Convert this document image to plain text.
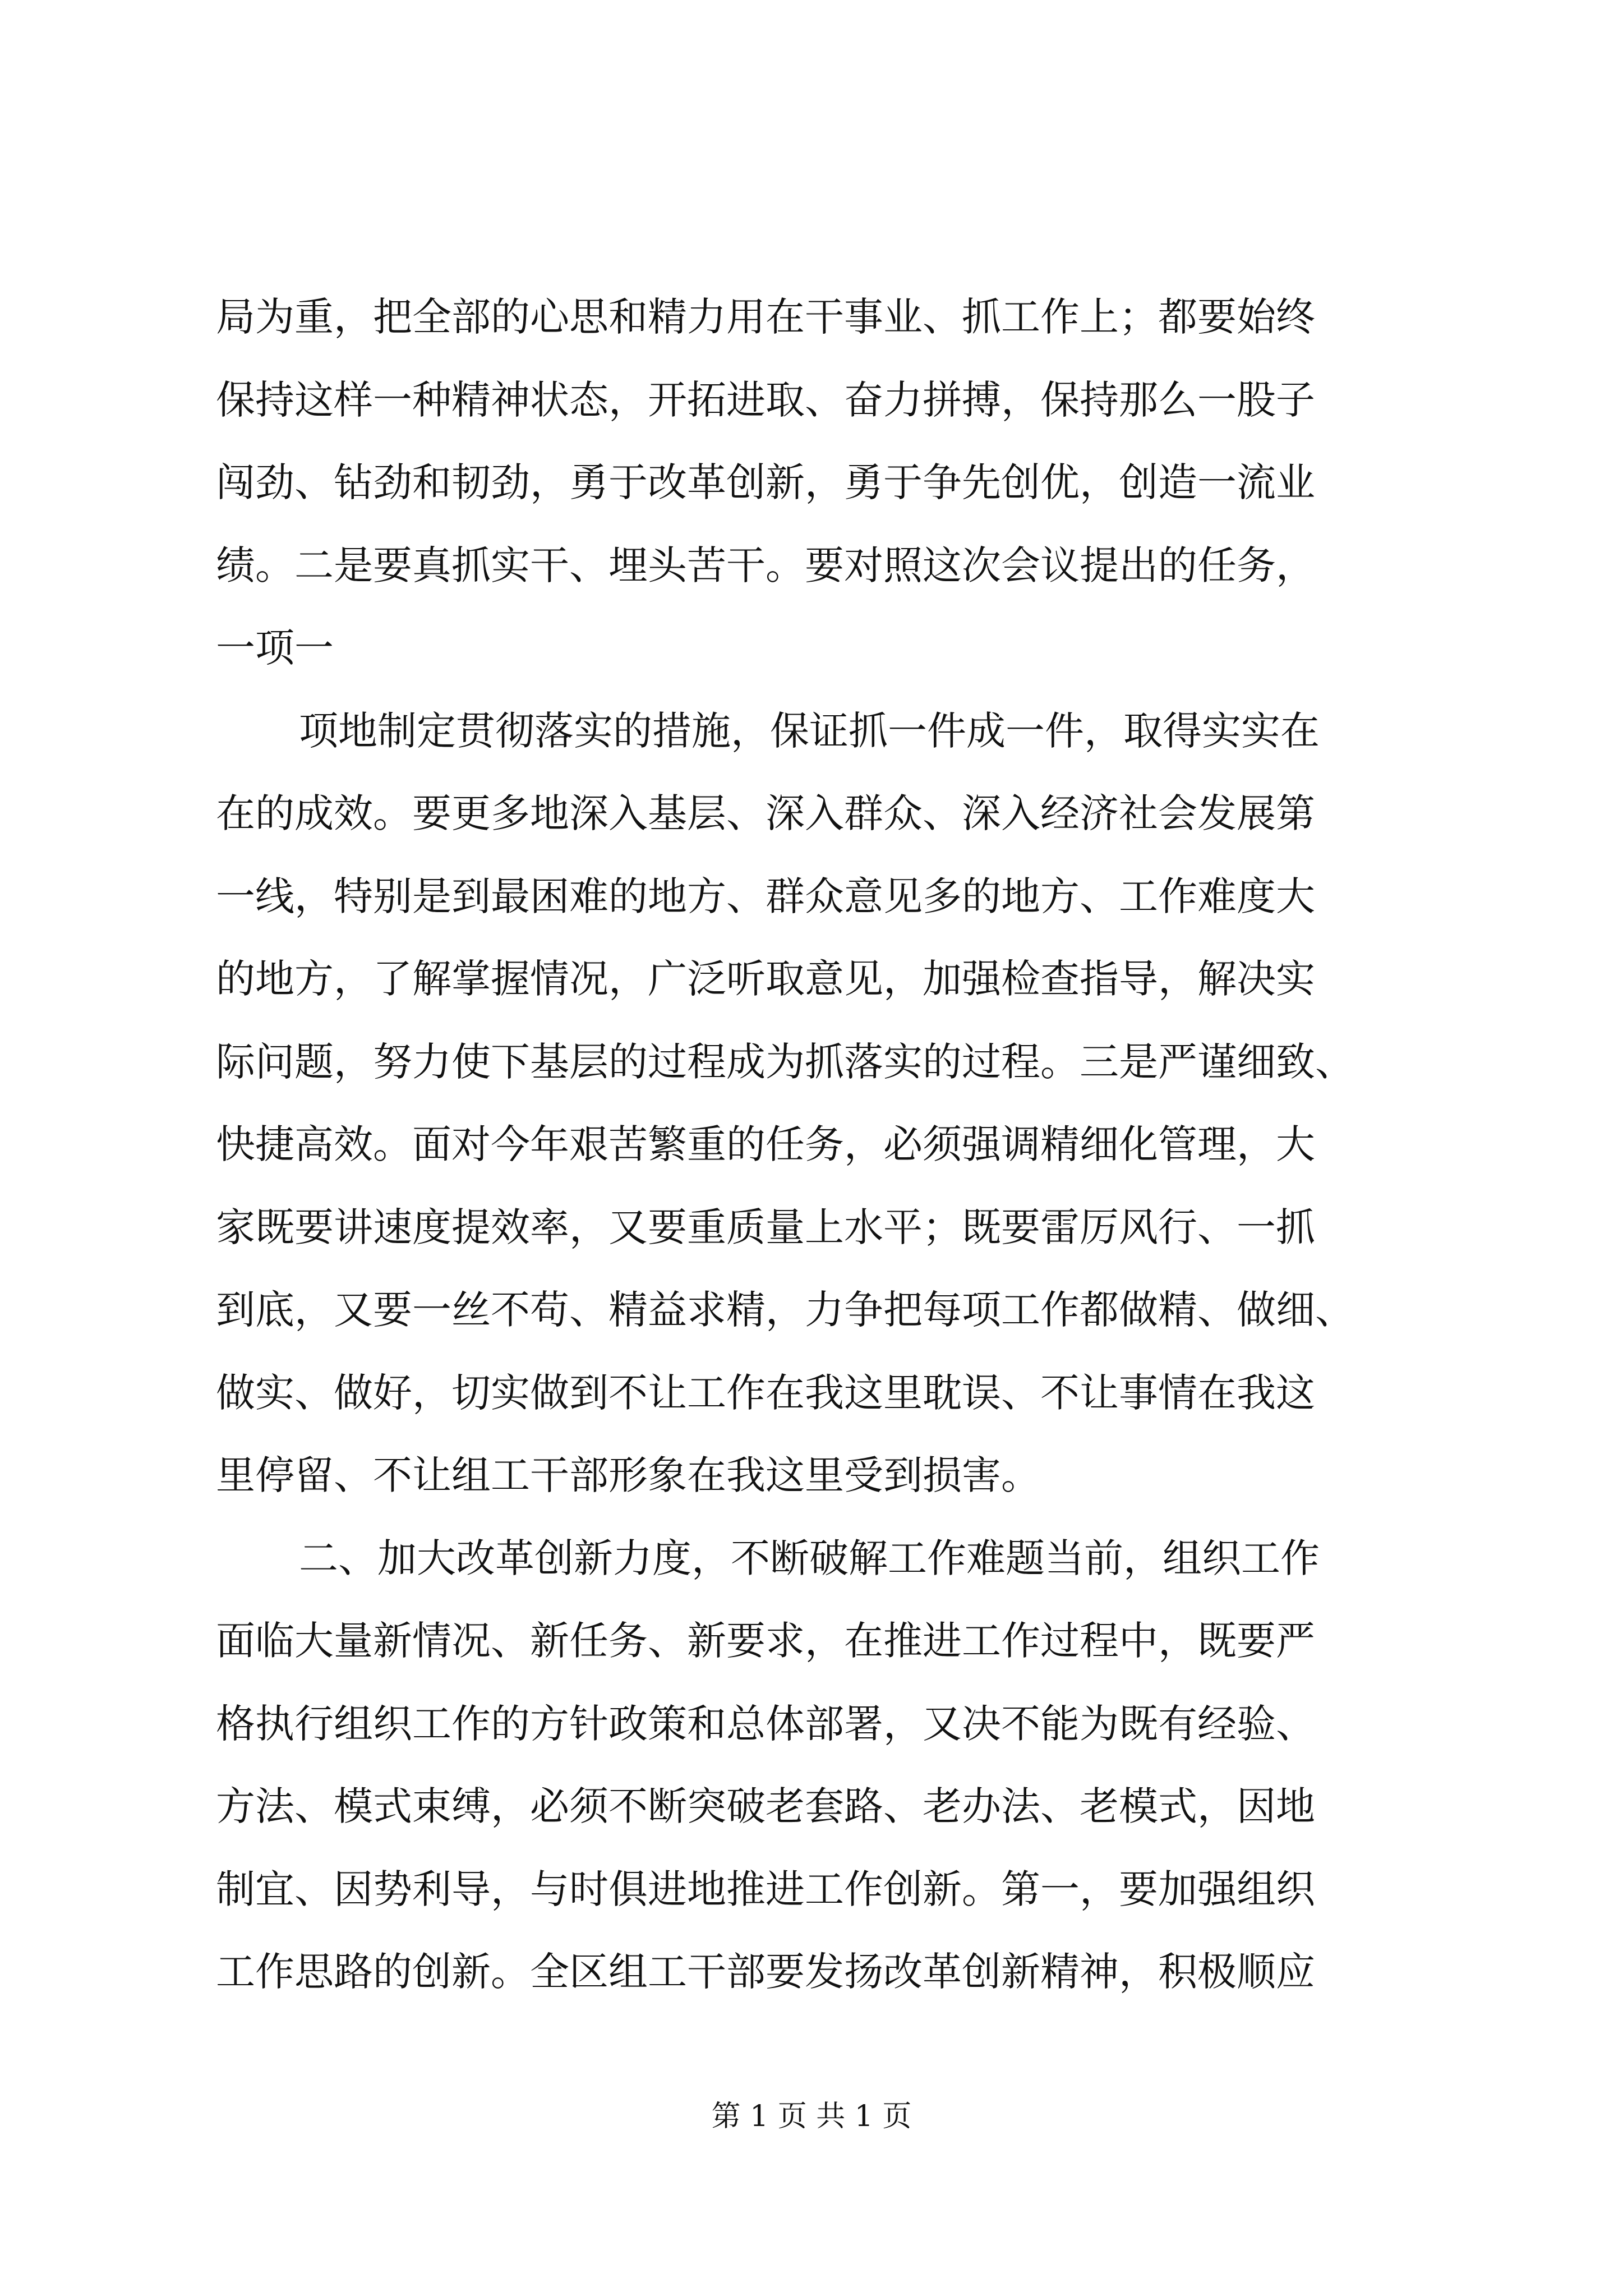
局为重，把全部的心思和精力用在干事业、抓工作上；都要始终
保持这样一种精神状态，开拓进取、奋力拼搏，保持那么一股子
闯劲、钻劲和韧劲，勇于改革创新，勇于争先创优，创造一流业
绩。二是要真抓实干、埋头苦干。要对照这次会议提出的任务，
一项一
项地制定贯彻落实的措施，保证抓一件成一件，取得实实在
在的成效。要更多地深入基层、深入群众、深入经济社会发展第
一线，特别是到最困难的地方、群众意见多的地方、工作难度大
的地方，了解掌握情况，广泛听取意见，加强检查指导，解决实
际问题，努力使下基层的过程成为抓落实的过程。三是严谨细致、
快捷高效。面对今年艰苦繁重的任务，必须强调精细化管理，大
家既要讲速度提效率，又要重质量上水平；既要雷厉风行、一抓
到底，又要一丝不苟、精益求精，力争把每项工作都做精、做细、
做实、做好，切实做到不让工作在我这里耽误、不让事情在我这
里停留、不让组工干部形象在我这里受到损害。
二、加大改革创新力度，不断破解工作难题当前，组织工作
面临大量新情况、新任务、新要求，在推进工作过程中，既要严
格执行组织工作的方针政策和总体部署，又决不能为既有经验、
方法、模式束缚，必须不断突破老套路、老办法、老模式，因地
制宜、因势利导，与时俱进地推进工作创新。第一，要加强组织
工作思路的创新。全区组工干部要发扬改革创新精神，积极顺应
第 1 页 共 1 页
